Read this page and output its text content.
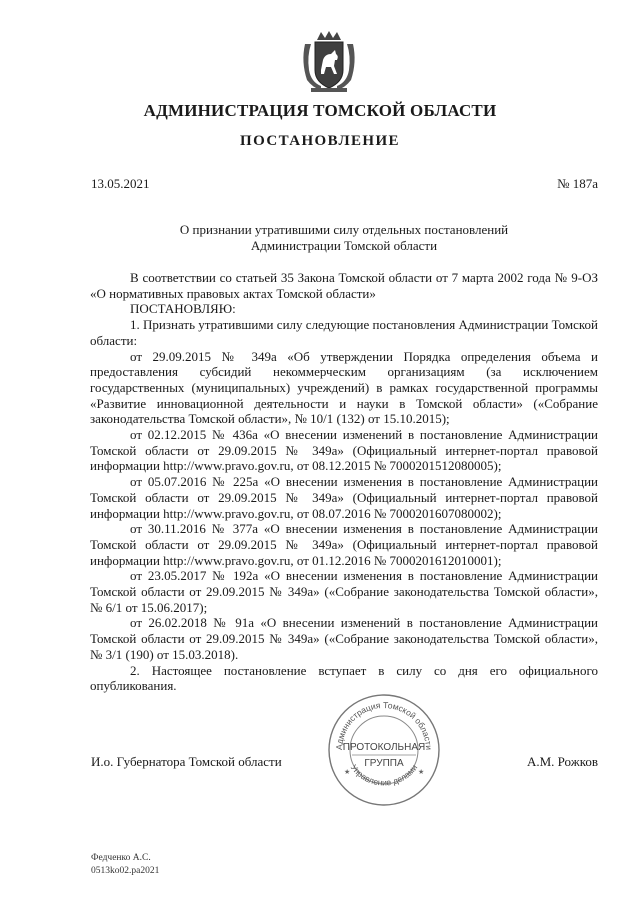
АДМИНИСТРАЦИЯ ТОМСКОЙ ОБЛАСТИ
ПОСТАНОВЛЕНИЕ
13.05.2021	№ 187а
О признании утратившими силу отдельных постановлений
Администрации Томской области

В соответствии со статьей 35 Закона Томской области от 7 марта 2002 года № 9-ОЗ «О нормативных правовых актах Томской области»

ПОСТАНОВЛЯЮ:

1. Признать утратившими силу следующие постановления Администрации Томской области:

от 29.09.2015 № 349а «Об утверждении Порядка определения объема и предоставления субсидий некоммерческим организациям (за исключением государственных (муниципальных) учреждений) в рамках государственной программы «Развитие инновационной деятельности и науки в Томской области» («Собрание законодательства Томской области», № 10/1 (132) от 15.10.2015);

от 02.12.2015 № 436а «О внесении изменений в постановление Администрации Томской области от 29.09.2015 № 349а» (Официальный интернет-портал правовой информации http://www.pravo.gov.ru, от 08.12.2015 № 7000201512080005);

от 05.07.2016 № 225а «О внесении изменения в постановление Администрации Томской области от 29.09.2015 № 349а» (Официальный интернет-портал правовой информации http://www.pravo.gov.ru, от 08.07.2016 № 7000201607080002);

от 30.11.2016 № 377а «О внесении изменения в постановление Администрации Томской области от 29.09.2015 № 349а» (Официальный интернет-портал правовой информации http://www.pravo.gov.ru, от 01.12.2016 № 7000201612010001);

от 23.05.2017 № 192а «О внесении изменения в постановление Администрации Томской области от 29.09.2015 № 349а» («Собрание законодательства Томской области», № 6/1 от 15.06.2017);

от 26.02.2018 № 91а «О внесении изменений в постановление Администрации Томской области от 29.09.2015 № 349а» («Собрание законодательства Томской области», № 3/1 (190) от 15.03.2018).

2. Настоящее постановление вступает в силу со дня его официального опубликования.

И.о. Губернатора Томской области	А.М. Рожков
Администрация Томской области
Управление делами
ПРОТОКОЛЬНАЯ
ГРУППА
★	★
Федченко А.С.
0513ko02.pa2021
